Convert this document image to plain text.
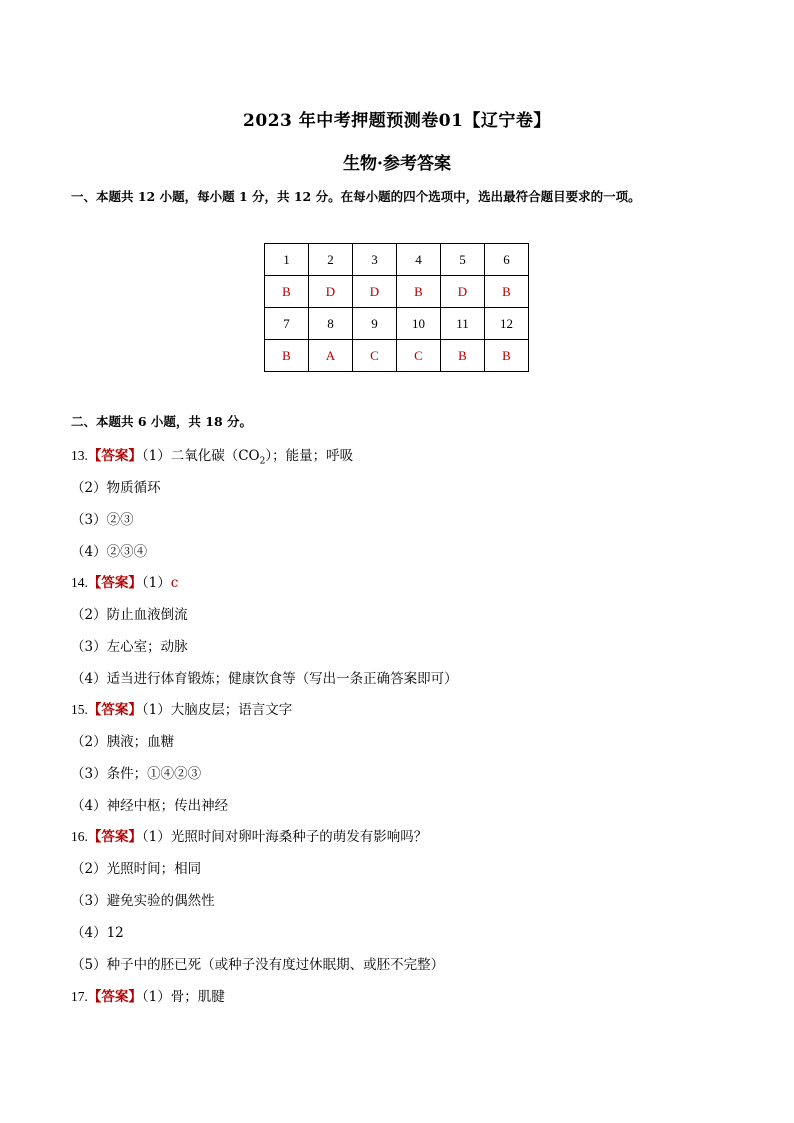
2023 年中考押题预测卷01【辽宁卷】
生物·参考答案
一、本题共 12 小题，每小题 1 分，共 12 分。在每小题的四个选项中，选出最符合题目要求的一项。
1	2	3	4	5	6
B	D	D	B	D	B
7	8	9	10	11	12
B	A	C	C	B	B
二、本题共 6 小题，共 18 分。
13.【答案】（1）二氧化碳$(CO_2)$；能量；呼吸
（2）物质循环
（3）②③
（4）②③④
14.【答案】（1）c
（2）防止血液倒流
（3）左心室；动脉
（4）适当进行体育锻炼；健康饮食等（写出一条正确答案即可）
15.【答案】（1）大脑皮层；语言文字
（2）胰液；血糖
（3）条件；①④②③
（4）神经中枢；传出神经
16.【答案】（1）光照时间对卵叶海桑种子的萌发有影响吗？
（2）光照时间；相同
（3）避免实验的偶然性
（4）12
（5）种子中的胚已死（或种子没有度过休眠期、或胚不完整）
17.【答案】（1）骨；肌腱
